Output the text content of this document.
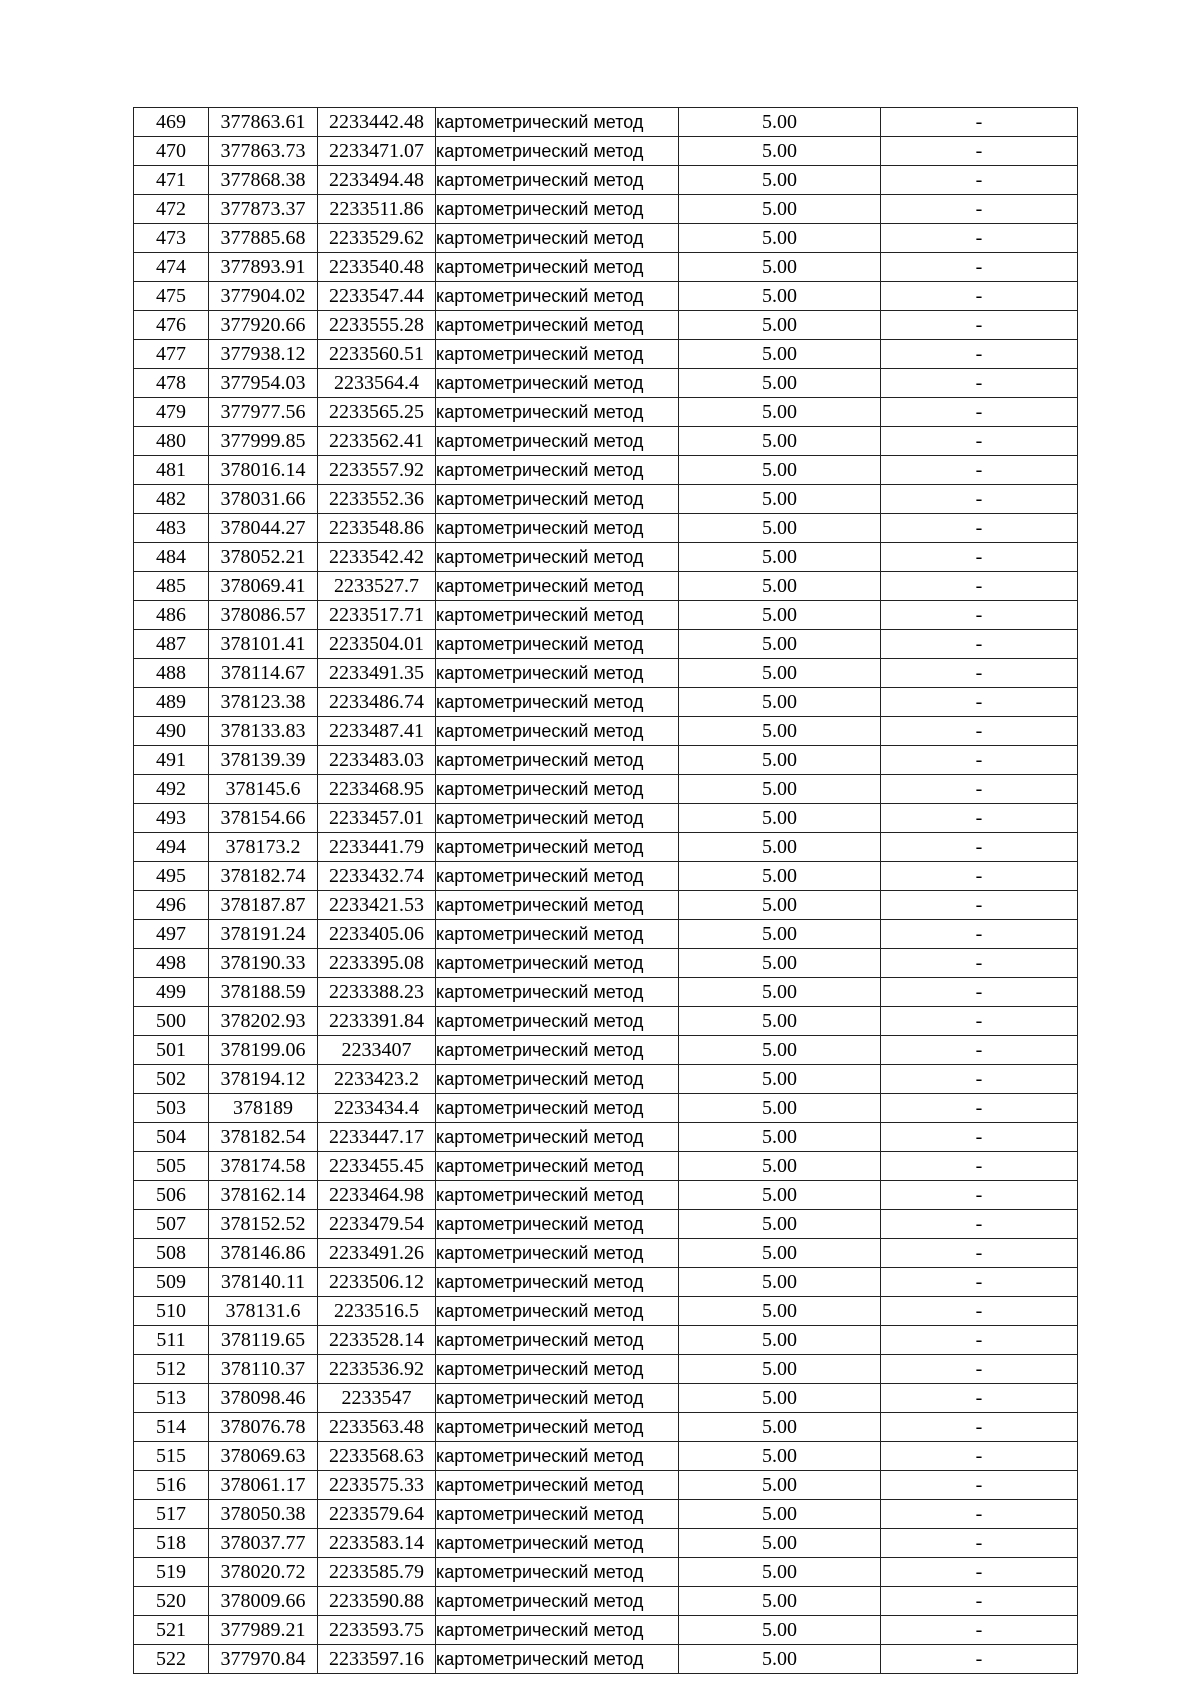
469	377863.61	2233442.48	картометрический метод	5.00	-
470	377863.73	2233471.07	картометрический метод	5.00	-
471	377868.38	2233494.48	картометрический метод	5.00	-
472	377873.37	2233511.86	картометрический метод	5.00	-
473	377885.68	2233529.62	картометрический метод	5.00	-
474	377893.91	2233540.48	картометрический метод	5.00	-
475	377904.02	2233547.44	картометрический метод	5.00	-
476	377920.66	2233555.28	картометрический метод	5.00	-
477	377938.12	2233560.51	картометрический метод	5.00	-
478	377954.03	2233564.4	картометрический метод	5.00	-
479	377977.56	2233565.25	картометрический метод	5.00	-
480	377999.85	2233562.41	картометрический метод	5.00	-
481	378016.14	2233557.92	картометрический метод	5.00	-
482	378031.66	2233552.36	картометрический метод	5.00	-
483	378044.27	2233548.86	картометрический метод	5.00	-
484	378052.21	2233542.42	картометрический метод	5.00	-
485	378069.41	2233527.7	картометрический метод	5.00	-
486	378086.57	2233517.71	картометрический метод	5.00	-
487	378101.41	2233504.01	картометрический метод	5.00	-
488	378114.67	2233491.35	картометрический метод	5.00	-
489	378123.38	2233486.74	картометрический метод	5.00	-
490	378133.83	2233487.41	картометрический метод	5.00	-
491	378139.39	2233483.03	картометрический метод	5.00	-
492	378145.6	2233468.95	картометрический метод	5.00	-
493	378154.66	2233457.01	картометрический метод	5.00	-
494	378173.2	2233441.79	картометрический метод	5.00	-
495	378182.74	2233432.74	картометрический метод	5.00	-
496	378187.87	2233421.53	картометрический метод	5.00	-
497	378191.24	2233405.06	картометрический метод	5.00	-
498	378190.33	2233395.08	картометрический метод	5.00	-
499	378188.59	2233388.23	картометрический метод	5.00	-
500	378202.93	2233391.84	картометрический метод	5.00	-
501	378199.06	2233407	картометрический метод	5.00	-
502	378194.12	2233423.2	картометрический метод	5.00	-
503	378189	2233434.4	картометрический метод	5.00	-
504	378182.54	2233447.17	картометрический метод	5.00	-
505	378174.58	2233455.45	картометрический метод	5.00	-
506	378162.14	2233464.98	картометрический метод	5.00	-
507	378152.52	2233479.54	картометрический метод	5.00	-
508	378146.86	2233491.26	картометрический метод	5.00	-
509	378140.11	2233506.12	картометрический метод	5.00	-
510	378131.6	2233516.5	картометрический метод	5.00	-
511	378119.65	2233528.14	картометрический метод	5.00	-
512	378110.37	2233536.92	картометрический метод	5.00	-
513	378098.46	2233547	картометрический метод	5.00	-
514	378076.78	2233563.48	картометрический метод	5.00	-
515	378069.63	2233568.63	картометрический метод	5.00	-
516	378061.17	2233575.33	картометрический метод	5.00	-
517	378050.38	2233579.64	картометрический метод	5.00	-
518	378037.77	2233583.14	картометрический метод	5.00	-
519	378020.72	2233585.79	картометрический метод	5.00	-
520	378009.66	2233590.88	картометрический метод	5.00	-
521	377989.21	2233593.75	картометрический метод	5.00	-
522	377970.84	2233597.16	картометрический метод	5.00	-
